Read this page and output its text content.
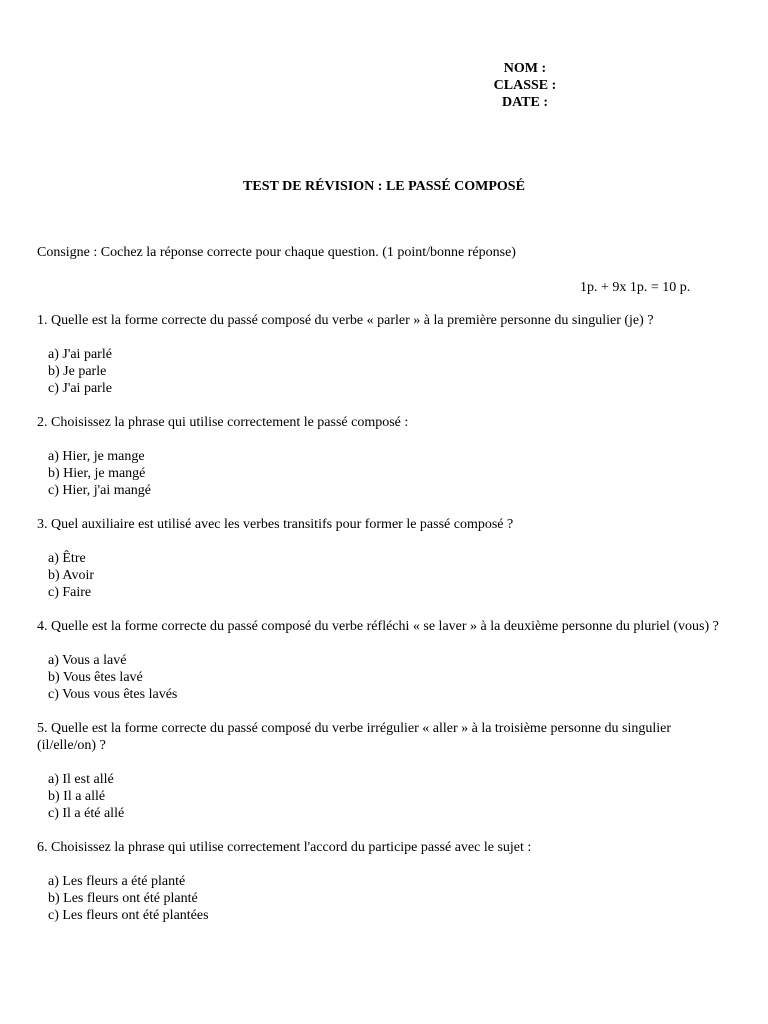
NOM :
CLASSE :
DATE :
TEST DE RÉVISION : LE PASSÉ COMPOSÉ
Consigne : Cochez la réponse correcte pour chaque question. (1 point/bonne réponse)
1p. + 9x 1p. = 10 p.
1. Quelle est la forme correcte du passé composé du verbe « parler » à la première personne du singulier (je) ?
a) J'ai parlé
b) Je parle
c) J'ai parle
2. Choisissez la phrase qui utilise correctement le passé composé :
a) Hier, je mange
b) Hier, je mangé
c) Hier, j'ai mangé
3. Quel auxiliaire est utilisé avec les verbes transitifs pour former le passé composé ?
a) Être
b) Avoir
c) Faire
4. Quelle est la forme correcte du passé composé du verbe réfléchi « se laver » à la deuxième personne du pluriel (vous) ?
a) Vous a lavé
b) Vous êtes lavé
c) Vous vous êtes lavés
5. Quelle est la forme correcte du passé composé du verbe irrégulier « aller » à la troisième personne du singulier (il/elle/on) ?
a) Il est allé
b) Il a allé
c) Il a été allé
6. Choisissez la phrase qui utilise correctement l'accord du participe passé avec le sujet :
a) Les fleurs a été planté
b) Les fleurs ont été planté
c) Les fleurs ont été plantées
